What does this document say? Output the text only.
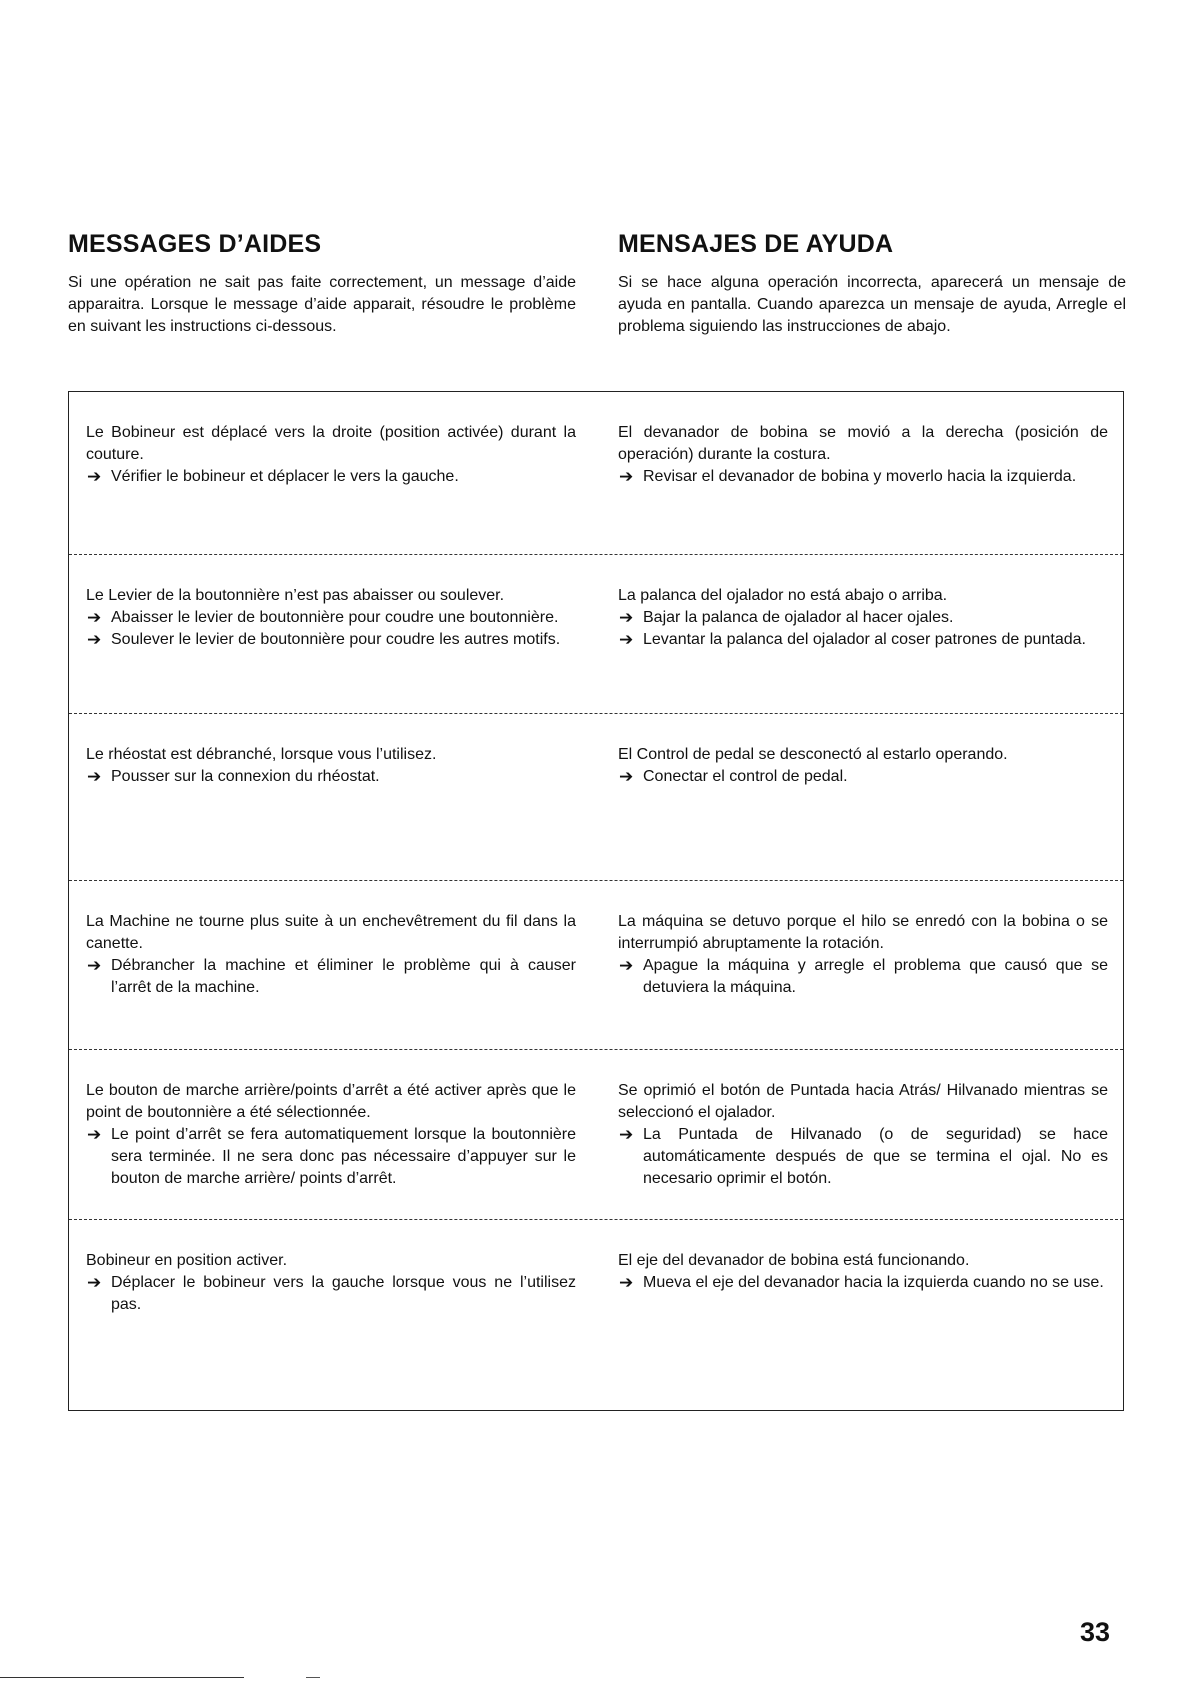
MESSAGES D’AIDES	MENSAJES DE AYUDA

Si une opération ne sait pas faite correctement, un message d’aide apparaitra. Lorsque le message d’aide apparait, résoudre le problème en suivant les instructions ci-dessous.

Si se hace alguna operación incorrecta, aparecerá un mensaje de ayuda en pantalla. Cuando aparezca un mensaje de ayuda, Arregle el problema siguiendo las instrucciones de abajo.

Le Bobineur est déplacé vers la droite (position activée) durant la couture.

➔ Vérifier le bobineur et déplacer le vers la gauche.

El devanador de bobina se movió a la derecha (posición de operación) durante la costura.

➔ Revisar el devanador de bobina y moverlo hacia la izquierda.

Le Levier de la boutonnière n’est pas abaisser ou soulever.

➔ Abaisser le levier de boutonnière pour coudre une boutonnière.

➔ Soulever le levier de boutonnière pour coudre les autres motifs.

La palanca del ojalador no está abajo o arriba.

➔ Bajar la palanca de ojalador al hacer ojales.

➔ Levantar la palanca del ojalador al coser patrones de puntada.

Le rhéostat est débranché, lorsque vous l’utilisez.

➔ Pousser sur la connexion du rhéostat.

El Control de pedal se desconectó al estarlo operando.

➔ Conectar el control de pedal.

La Machine ne tourne plus suite à un enchevêtrement du fil dans la canette.

➔ Débrancher la machine et éliminer le problème qui à causer l’arrêt de la machine.

La máquina se detuvo porque el hilo se enredó con la bobina o se interrumpió abruptamente la rotación.

➔ Apague la máquina y arregle el problema que causó que se detuviera la máquina.

Le bouton de marche arrière/points d’arrêt a été activer après que le point de boutonnière a été sélectionnée.

➔ Le point d’arrêt se fera automatiquement lorsque la boutonnière sera terminée. Il ne sera donc pas nécessaire d’appuyer sur le bouton de marche arrière/ points d’arrêt.

Se oprimió el botón de Puntada hacia Atrás/ Hilvanado mientras se seleccionó el ojalador.

➔ La Puntada de Hilvanado (o de seguridad) se hace automáticamente después de que se termina el ojal. No es necesario oprimir el botón.

Bobineur en position activer.

➔ Déplacer le bobineur vers la gauche lorsque vous ne l’utilisez pas.

El eje del devanador de bobina está funcionando.

➔ Mueva el eje del devanador hacia la izquierda cuando no se use.

33
